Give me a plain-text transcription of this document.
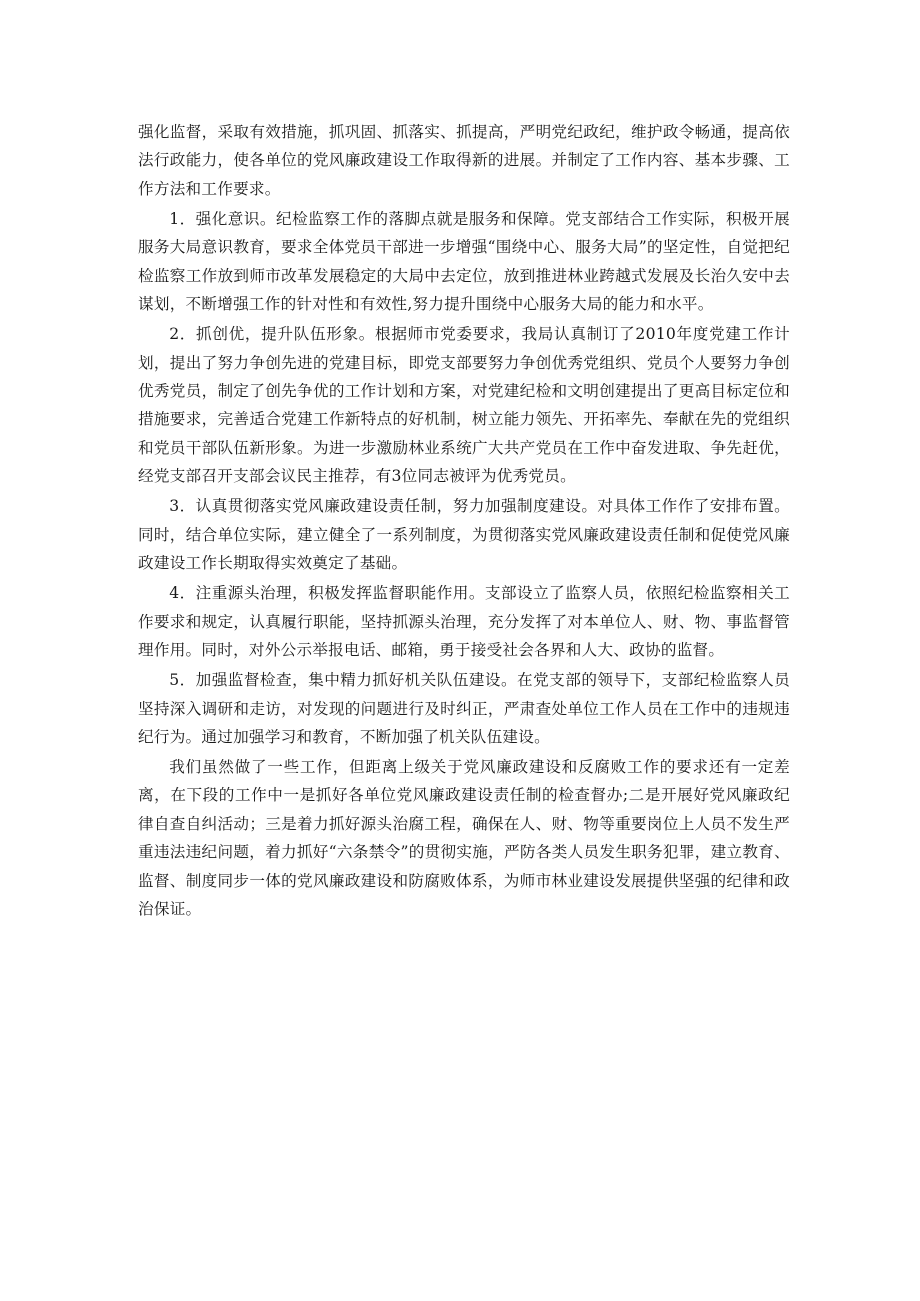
强化监督，采取有效措施，抓巩固、抓落实、抓提高，严明党纪政纪，维护政令畅通，提高依法行政能力，使各单位的党风廉政建设工作取得新的进展。并制定了工作内容、基本步骤、工作方法和工作要求。

1．强化意识。纪检监察工作的落脚点就是服务和保障。党支部结合工作实际，积极开展服务大局意识教育，要求全体党员干部进一步增强“围绕中心、服务大局”的坚定性，自觉把纪检监察工作放到师市改革发展稳定的大局中去定位，放到推进林业跨越式发展及长治久安中去谋划，不断增强工作的针对性和有效性,努力提升围绕中心服务大局的能力和水平。

2．抓创优，提升队伍形象。根据师市党委要求，我局认真制订了2010年度党建工作计划，提出了努力争创先进的党建目标，即党支部要努力争创优秀党组织、党员个人要努力争创优秀党员，制定了创先争优的工作计划和方案，对党建纪检和文明创建提出了更高目标定位和措施要求，完善适合党建工作新特点的好机制，树立能力领先、开拓率先、奉献在先的党组织和党员干部队伍新形象。为进一步激励林业系统广大共产党员在工作中奋发进取、争先赶优，经党支部召开支部会议民主推荐，有3位同志被评为优秀党员。

3．认真贯彻落实党风廉政建设责任制，努力加强制度建设。对具体工作作了安排布置。同时，结合单位实际，建立健全了一系列制度，为贯彻落实党风廉政建设责任制和促使党风廉政建设工作长期取得实效奠定了基础。

4．注重源头治理，积极发挥监督职能作用。支部设立了监察人员，依照纪检监察相关工作要求和规定，认真履行职能，坚持抓源头治理，充分发挥了对本单位人、财、物、事监督管理作用。同时，对外公示举报电话、邮箱，勇于接受社会各界和人大、政协的监督。

5．加强监督检查，集中精力抓好机关队伍建设。在党支部的领导下，支部纪检监察人员坚持深入调研和走访，对发现的问题进行及时纠正，严肃查处单位工作人员在工作中的违规违纪行为。通过加强学习和教育，不断加强了机关队伍建设。

我们虽然做了一些工作，但距离上级关于党风廉政建设和反腐败工作的要求还有一定差离，在下段的工作中一是抓好各单位党风廉政建设责任制的检查督办;二是开展好党风廉政纪律自查自纠活动；三是着力抓好源头治腐工程，确保在人、财、物等重要岗位上人员不发生严重违法违纪问题，着力抓好“六条禁令”的贯彻实施，严防各类人员发生职务犯罪，建立教育、监督、制度同步一体的党风廉政建设和防腐败体系，为师市林业建设发展提供坚强的纪律和政治保证。
